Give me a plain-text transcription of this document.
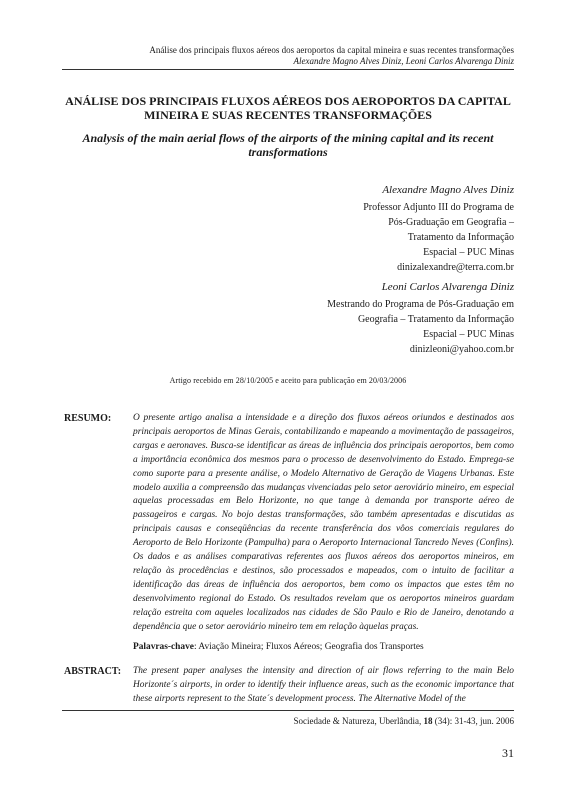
Análise dos principais fluxos aéreos dos aeroportos da capital mineira e suas recentes transformações
Alexandre Magno Alves Diniz, Leoni Carlos Alvarenga Diniz
ANÁLISE DOS PRINCIPAIS FLUXOS AÉREOS DOS AEROPORTOS DA CAPITAL MINEIRA E SUAS RECENTES TRANSFORMAÇÕES
Analysis of the main aerial flows of the airports of the mining capital and its recent transformations
Alexandre Magno Alves Diniz
Professor Adjunto III do Programa de
Pós-Graduação em Geografia –
Tratamento da Informação
Espacial – PUC Minas
dinizalexandre@terra.com.br
Leoni Carlos Alvarenga Diniz
Mestrando do Programa de Pós-Graduação em
Geografia – Tratamento da Informação
Espacial – PUC Minas
dinizleoni@yahoo.com.br
Artigo recebido em 28/10/2005 e aceito para publicação em 20/03/2006
RESUMO:	O presente artigo analisa a intensidade e a direção dos fluxos aéreos oriundos e destinados aos principais aeroportos de Minas Gerais, contabilizando e mapeando a movimentação de passageiros, cargas e aeronaves. Busca-se identificar as áreas de influência dos principais aeroportos, bem como a importância econômica dos mesmos para o processo de desenvolvimento do Estado. Emprega-se como suporte para a presente análise, o Modelo Alternativo de Geração de Viagens Urbanas. Este modelo auxilia a compreensão das mudanças vivenciadas pelo setor aeroviário mineiro, em especial aquelas processadas em Belo Horizonte, no que tange à demanda por transporte aéreo de passageiros e cargas. No bojo destas transformações, são também apresentadas e discutidas as principais causas e conseqüências da recente transferência dos vôos comerciais regulares do Aeroporto de Belo Horizonte (Pampulha) para o Aeroporto Internacional Tancredo Neves (Confins). Os dados e as análises comparativas referentes aos fluxos aéreos dos aeroportos mineiros, em relação às procedências e destinos, são processados e mapeados, com o intuito de facilitar a identificação das áreas de influência dos aeroportos, bem como os impactos que estes têm no desenvolvimento regional do Estado. Os resultados revelam que os aeroportos mineiros guardam relação estreita com aqueles localizados nas cidades de São Paulo e Rio de Janeiro, denotando a dependência que o setor aeroviário mineiro tem em relação àquelas praças.
Palavras-chave: Aviação Mineira; Fluxos Aéreos; Geografia dos Transportes
ABSTRACT:	The present paper analyses the intensity and direction of air flows referring to the main Belo Horizonte´s airports, in order to identify their influence areas, such as the economic importance that these airports represent to the State´s development process. The Alternative Model of the
Sociedade & Natureza, Uberlândia, 18 (34): 31-43, jun. 2006
31
